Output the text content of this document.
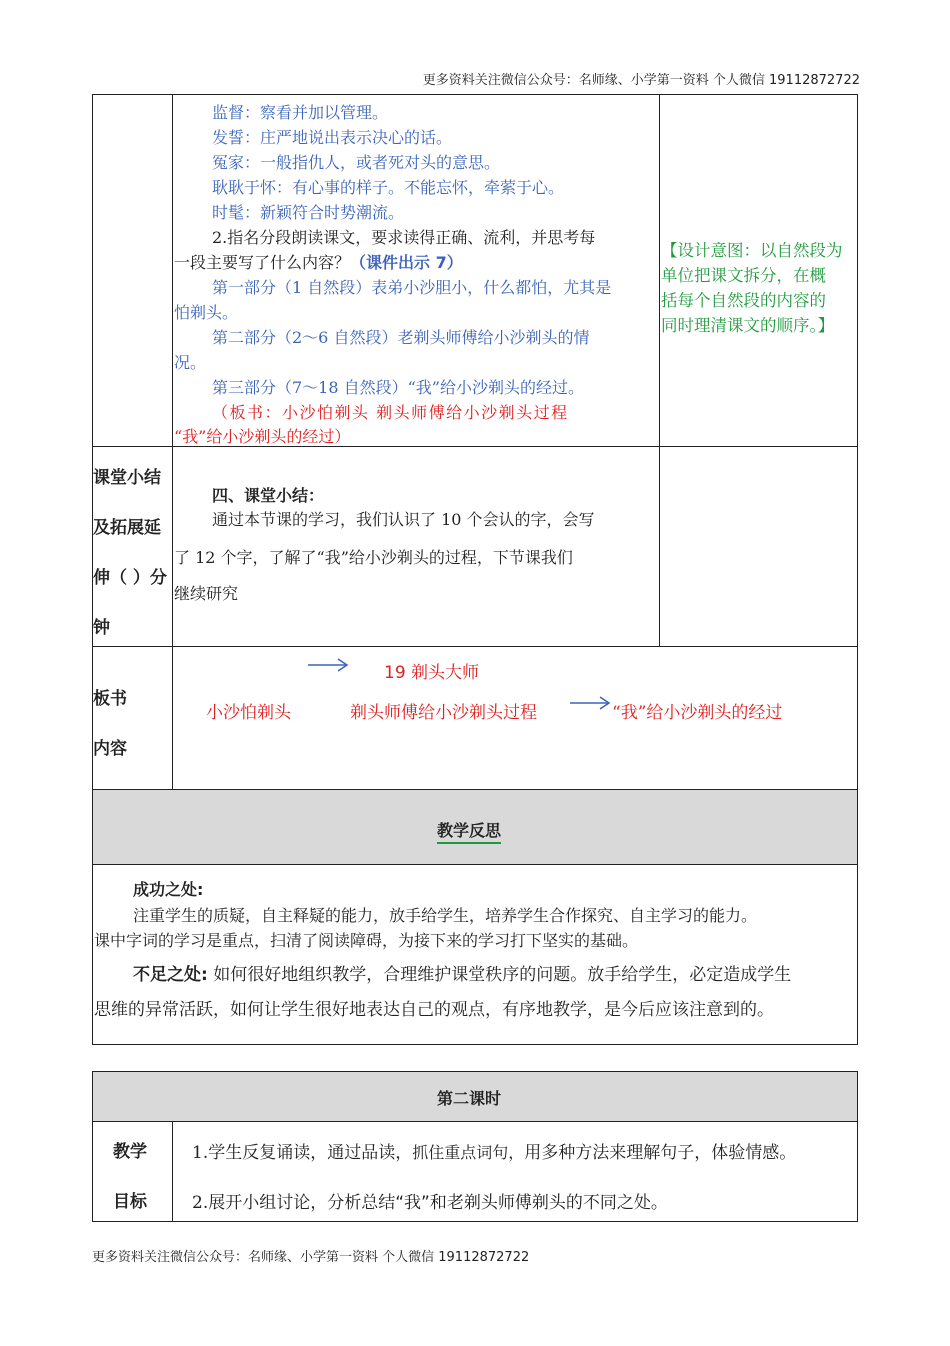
更多资料关注微信公众号：名师缘、小学第一资料 个人微信 19112872722
监督：察看并加以管理。
发誓：庄严地说出表示决心的话。
冤家：一般指仇人，或者死对头的意思。
耿耿于怀：有心事的样子。不能忘怀，牵萦于心。
时髦：新颖符合时势潮流。
2.指名分段朗读课文，要求读得正确、流利，并思考每
一段主要写了什么内容？（课件出示 7）
第一部分（1 自然段）表弟小沙胆小，什么都怕，尤其是
怕剃头。
第二部分（2～6 自然段）老剃头师傅给小沙剃头的情
况。
第三部分（7～18 自然段）“我”给小沙剃头的经过。
（板书：小沙怕剃头 剃头师傅给小沙剃头过程
“我”给小沙剃头的经过）
【设计意图：以自然段为
单位把课文拆分，在概
括每个自然段的内容的
同时理清课文的顺序。】
课堂小结
及拓展延
伸（ ）分
钟
四、课堂小结：
通过本节课的学习，我们认识了 10 个会认的字，会写
了 12 个字，了解了“我”给小沙剃头的过程，下节课我们
继续研究
板书
内容
19 剃头大师
小沙怕剃头	剃头师傅给小沙剃头过程	“我”给小沙剃头的经过
教学反思
成功之处:
注重学生的质疑，自主释疑的能力，放手给学生，培养学生合作探究、自主学习的能力。
课中字词的学习是重点，扫清了阅读障碍，为接下来的学习打下坚实的基础。
不足之处: 如何很好地组织教学，合理维护课堂秩序的问题。放手给学生，必定造成学生
思维的异常活跃，如何让学生很好地表达自己的观点，有序地教学，是今后应该注意到的。
第二课时
教学
目标
1.学生反复诵读，通过品读，抓住重点词句，用多种方法来理解句子，体验情感。
2.展开小组讨论，分析总结“我”和老剃头师傅剃头的不同之处。
更多资料关注微信公众号：名师缘、小学第一资料 个人微信 19112872722
